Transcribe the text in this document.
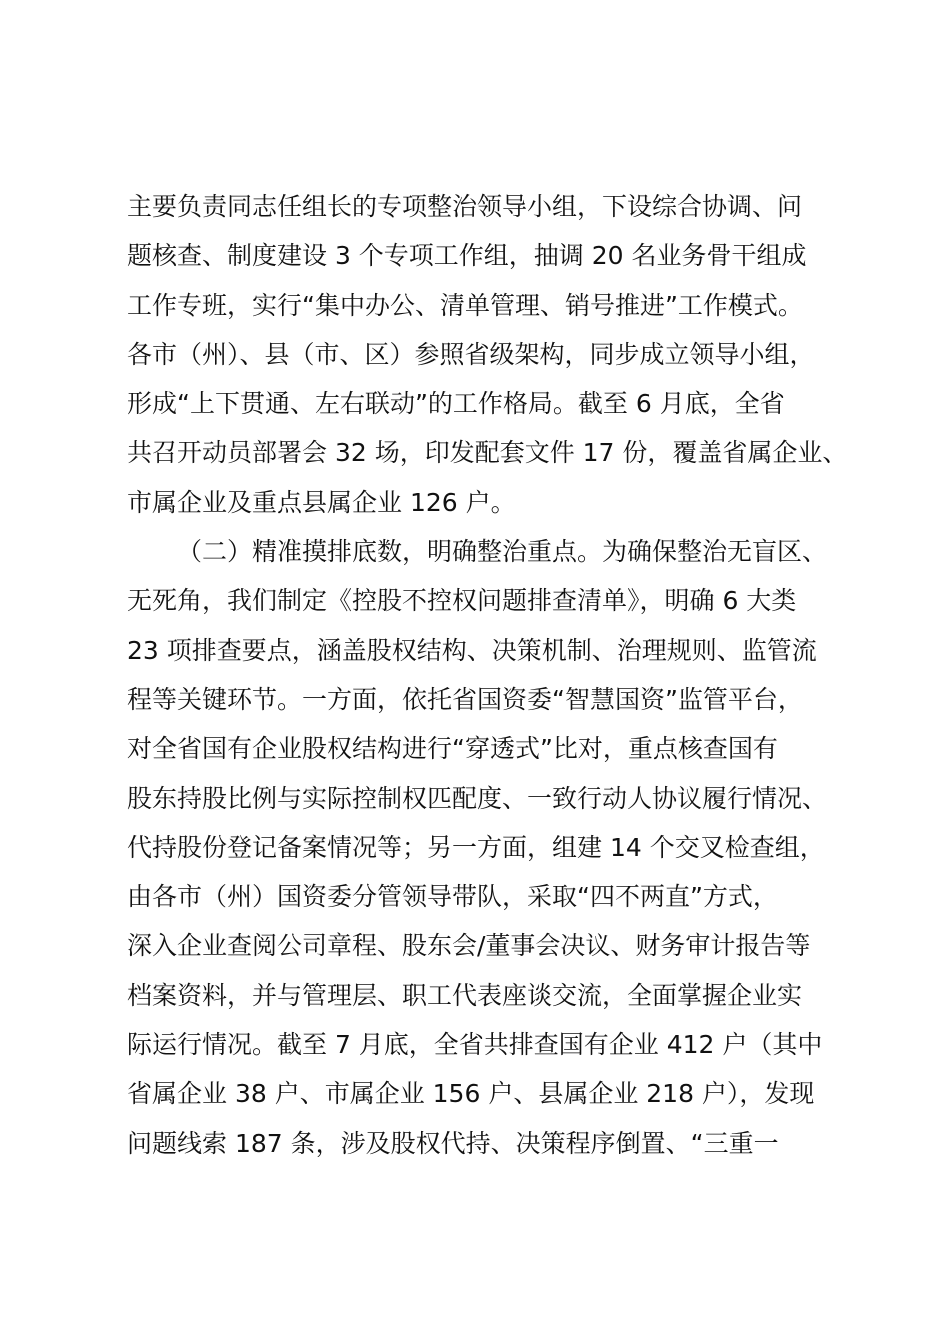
主要负责同志任组长的专项整治领导小组，下设综合协调、问
题核查、制度建设 3 个专项工作组，抽调 20 名业务骨干组成
工作专班，实行“集中办公、清单管理、销号推进”工作模式。
各市（州）、县（市、区）参照省级架构，同步成立领导小组，
形成“上下贯通、左右联动”的工作格局。截至 6 月底，全省
共召开动员部署会 32 场，印发配套文件 17 份，覆盖省属企业、
市属企业及重点县属企业 126 户。
（二）精准摸排底数，明确整治重点。为确保整治无盲区、
无死角，我们制定《控股不控权问题排查清单》，明确 6 大类
23 项排查要点，涵盖股权结构、决策机制、治理规则、监管流
程等关键环节。一方面，依托省国资委“智慧国资”监管平台，
对全省国有企业股权结构进行“穿透式”比对，重点核查国有
股东持股比例与实际控制权匹配度、一致行动人协议履行情况、
代持股份登记备案情况等；另一方面，组建 14 个交叉检查组，
由各市（州）国资委分管领导带队，采取“四不两直”方式，
深入企业查阅公司章程、股东会/董事会决议、财务审计报告等
档案资料，并与管理层、职工代表座谈交流，全面掌握企业实
际运行情况。截至 7 月底，全省共排查国有企业 412 户（其中
省属企业 38 户、市属企业 156 户、县属企业 218 户），发现
问题线索 187 条，涉及股权代持、决策程序倒置、“三重一
